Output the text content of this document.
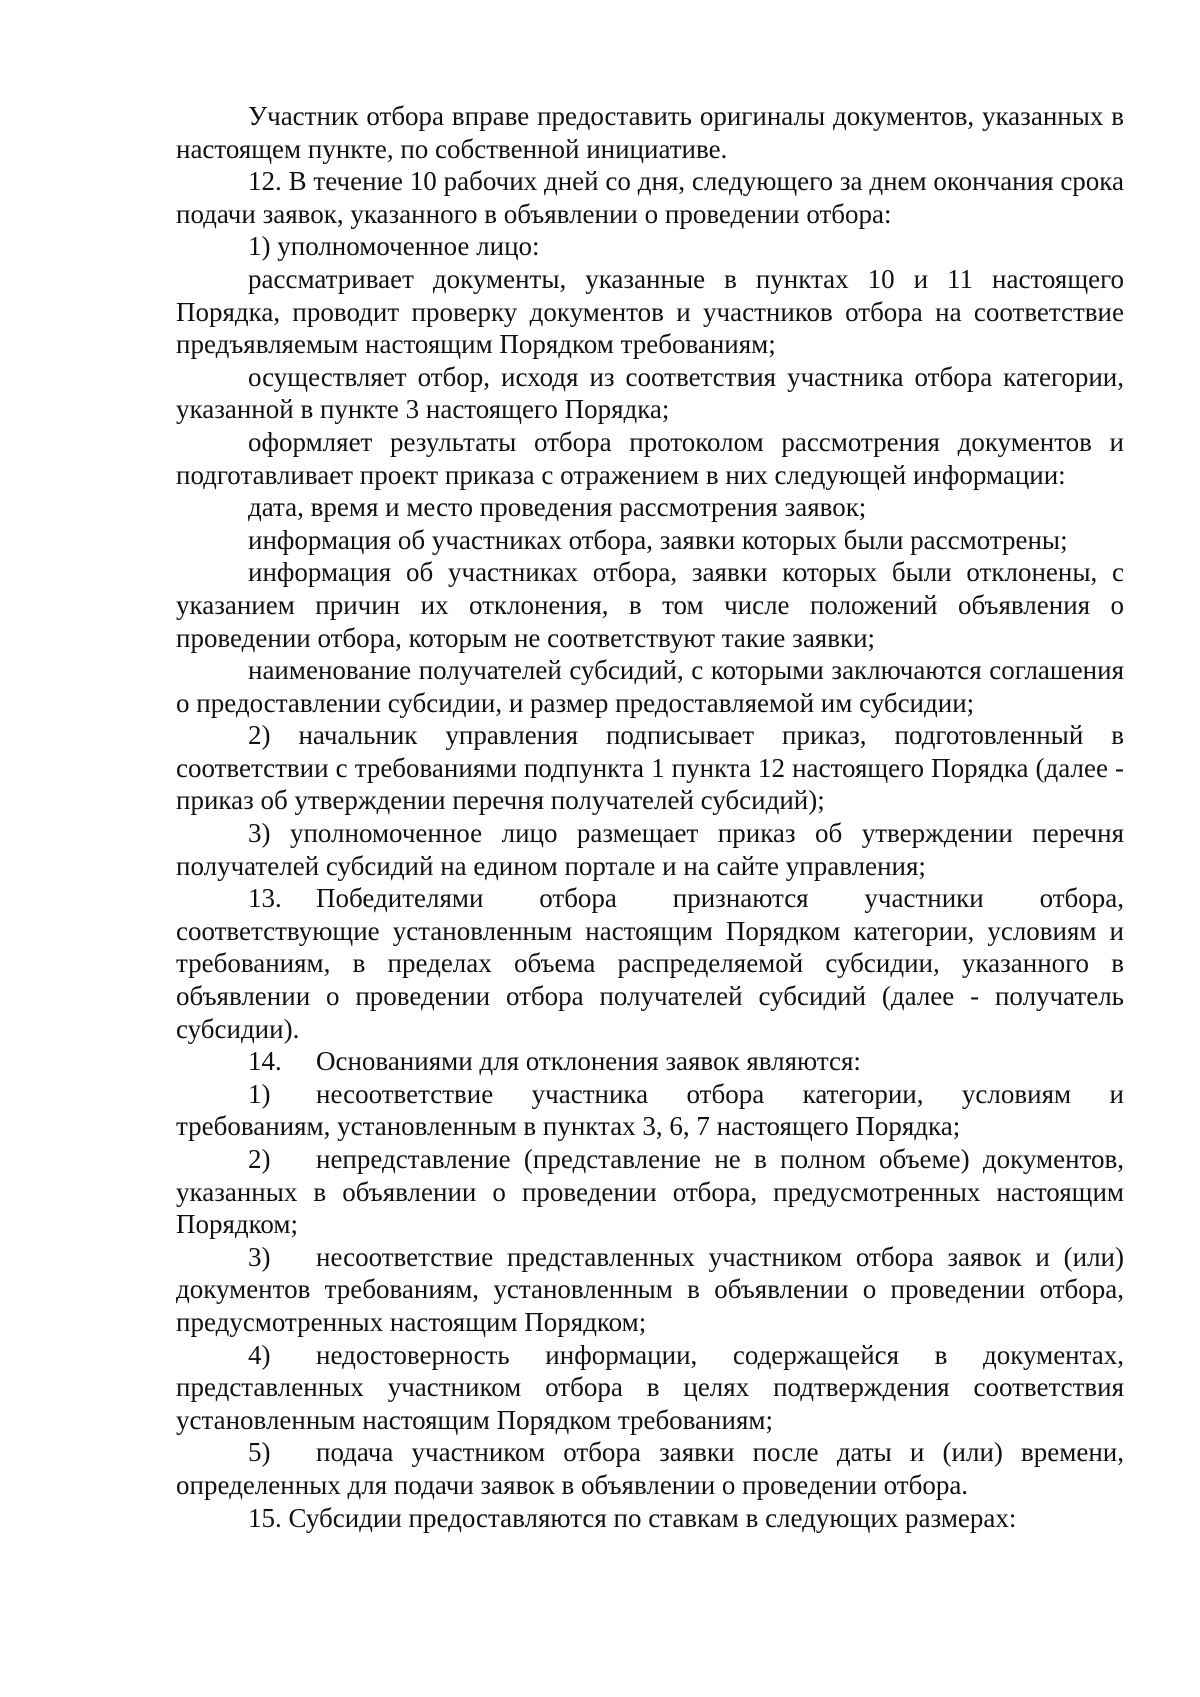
Участник отбора вправе предоставить оригиналы документов, указанных в настоящем пункте, по собственной инициативе.

12. В течение 10 рабочих дней со дня, следующего за днем окончания срока подачи заявок, указанного в объявлении о проведении отбора:

1) уполномоченное лицо:

рассматривает документы, указанные в пунктах 10 и 11 настоящего Порядка, проводит проверку документов и участников отбора на соответствие предъявляемым настоящим Порядком требованиям;

осуществляет отбор, исходя из соответствия участника отбора категории, указанной в пункте 3 настоящего Порядка;

оформляет результаты отбора протоколом рассмотрения документов и подготавливает проект приказа с отражением в них следующей информации:

дата, время и место проведения рассмотрения заявок;

информация об участниках отбора, заявки которых были рассмотрены;

информация об участниках отбора, заявки которых были отклонены, с указанием причин их отклонения, в том числе положений объявления о проведении отбора, которым не соответствуют такие заявки;

наименование получателей субсидий, с которыми заключаются соглашения о предоставлении субсидии, и размер предоставляемой им субсидии;

2) начальник управления подписывает приказ, подготовленный в соответствии с требованиями подпункта 1 пункта 12 настоящего Порядка (далее - приказ об утверждении перечня получателей субсидий);

3) уполномоченное лицо размещает приказ об утверждении перечня получателей субсидий на едином портале и на сайте управления;

13. Победителями отбора признаются участники отбора, соответствующие установленным настоящим Порядком категории, условиям и требованиям, в пределах объема распределяемой субсидии, указанного в объявлении о проведении отбора получателей субсидий (далее - получатель субсидии).

14. Основаниями для отклонения заявок являются:

1) несоответствие участника отбора категории, условиям и требованиям, установленным в пунктах 3, 6, 7 настоящего Порядка;

2) непредставление (представление не в полном объеме) документов, указанных в объявлении о проведении отбора, предусмотренных настоящим Порядком;

3) несоответствие представленных участником отбора заявок и (или) документов требованиям, установленным в объявлении о проведении отбора, предусмотренных настоящим Порядком;

4) недостоверность информации, содержащейся в документах, представленных участником отбора в целях подтверждения соответствия установленным настоящим Порядком требованиям;

5) подача участником отбора заявки после даты и (или) времени, определенных для подачи заявок в объявлении о проведении отбора.

15. Субсидии предоставляются по ставкам в следующих размерах:
